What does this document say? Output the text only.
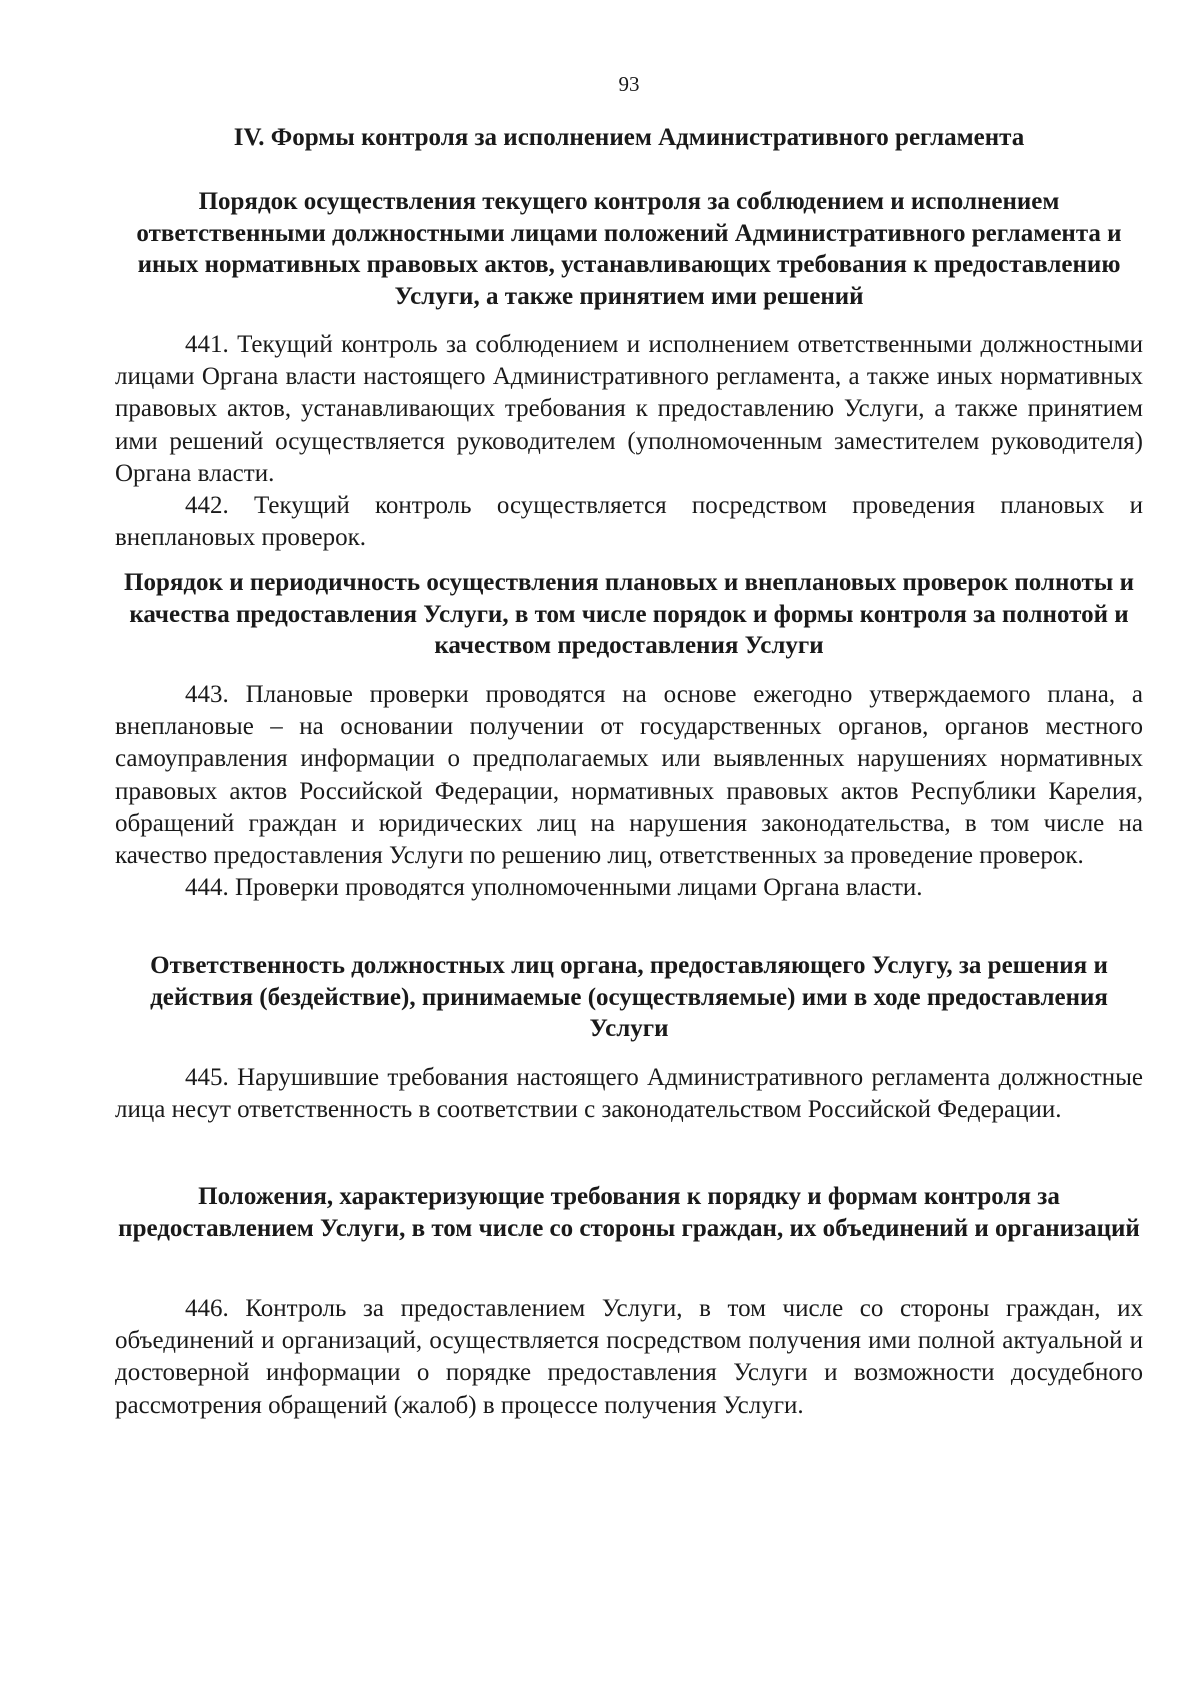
93
IV. Формы контроля за исполнением Административного регламента
Порядок осуществления текущего контроля за соблюдением и исполнением ответственными должностными лицами положений Административного регламента и иных нормативных правовых актов, устанавливающих требования к предоставлению Услуги, а также принятием ими решений

441. Текущий контроль за соблюдением и исполнением ответственными должностными лицами Органа власти настоящего Административного регламента, а также иных нормативных правовых актов, устанавливающих требования к предоставлению Услуги, а также принятием ими решений осуществляется руководителем (уполномоченным заместителем руководителя) Органа власти.

442. Текущий контроль осуществляется посредством проведения плановых и внеплановых проверок.

Порядок и периодичность осуществления плановых и внеплановых проверок полноты и качества предоставления Услуги, в том числе порядок и формы контроля за полнотой и качеством предоставления Услуги

443. Плановые проверки проводятся на основе ежегодно утверждаемого плана, а внеплановые – на основании получении от государственных органов, органов местного самоуправления информации о предполагаемых или выявленных нарушениях нормативных правовых актов Российской Федерации, нормативных правовых актов Республики Карелия, обращений граждан и юридических лиц на нарушения законодательства, в том числе на качество предоставления Услуги по решению лиц, ответственных за проведение проверок.

444. Проверки проводятся уполномоченными лицами Органа власти.

Ответственность должностных лиц органа, предоставляющего Услугу, за решения и действия (бездействие), принимаемые (осуществляемые) ими в ходе предоставления Услуги

445. Нарушившие требования настоящего Административного регламента должностные лица несут ответственность в соответствии с законодательством Российской Федерации.

Положения, характеризующие требования к порядку и формам контроля за предоставлением Услуги, в том числе со стороны граждан, их объединений и организаций

446. Контроль за предоставлением Услуги, в том числе со стороны граждан, их объединений и организаций, осуществляется посредством получения ими полной актуальной и достоверной информации о порядке предоставления Услуги и возможности досудебного рассмотрения обращений (жалоб) в процессе получения Услуги.
